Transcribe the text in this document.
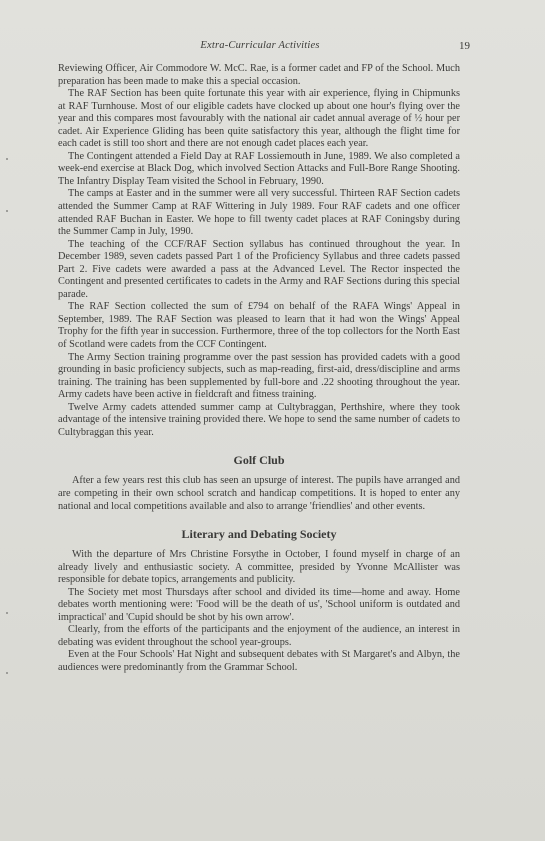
Extra-Curricular Activities	19

Reviewing Officer, Air Commodore W. McC. Rae, is a former cadet and FP of the School. Much preparation has been made to make this a special occasion.

The RAF Section has been quite fortunate this year with air experience, flying in Chipmunks at RAF Turnhouse. Most of our eligible cadets have clocked up about one hour's flying over the year and this compares most favourably with the national air cadet annual average of ½ hour per cadet. Air Experience Gliding has been quite satisfactory this year, although the flight time for each cadet is still too short and there are not enough cadet places each year.

The Contingent attended a Field Day at RAF Lossiemouth in June, 1989. We also completed a week-end exercise at Black Dog, which involved Section Attacks and Full-Bore Range Shooting. The Infantry Display Team visited the School in February, 1990.

The camps at Easter and in the summer were all very successful. Thirteen RAF Section cadets attended the Summer Camp at RAF Wittering in July 1989. Four RAF cadets and one officer attended RAF Buchan in Easter. We hope to fill twenty cadet places at RAF Coningsby during the Summer Camp in July, 1990.

The teaching of the CCF/RAF Section syllabus has continued throughout the year. In December 1989, seven cadets passed Part 1 of the Proficiency Syllabus and three cadets passed Part 2. Five cadets were awarded a pass at the Advanced Level. The Rector inspected the Contingent and presented certificates to cadets in the Army and RAF Sections during this special parade.

The RAF Section collected the sum of £794 on behalf of the RAFA Wings' Appeal in September, 1989. The RAF Section was pleased to learn that it had won the Wings' Appeal Trophy for the fifth year in succession. Furthermore, three of the top collectors for the North East of Scotland were cadets from the CCF Contingent.

The Army Section training programme over the past session has provided cadets with a good grounding in basic proficiency subjects, such as map-reading, first-aid, dress/discipline and arms training. The training has been supplemented by full-bore and .22 shooting throughout the year. Army cadets have been active in fieldcraft and fitness training.

Twelve Army cadets attended summer camp at Cultybraggan, Perthshire, where they took advantage of the intensive training provided there. We hope to send the same number of cadets to Cultybraggan this year.

Golf Club

After a few years rest this club has seen an upsurge of interest. The pupils have arranged and are competing in their own school scratch and handicap competitions. It is hoped to enter any national and local competitions available and also to arrange 'friendlies' and other events.

Literary and Debating Society

With the departure of Mrs Christine Forsythe in October, I found myself in charge of an already lively and enthusiastic society. A committee, presided by Yvonne McAllister was responsible for debate topics, arrangements and publicity.

The Society met most Thursdays after school and divided its time—home and away. Home debates worth mentioning were: 'Food will be the death of us', 'School uniform is outdated and impractical' and 'Cupid should be shot by his own arrow'.

Clearly, from the efforts of the participants and the enjoyment of the audience, an interest in debating was evident throughout the school year-groups.

Even at the Four Schools' Hat Night and subsequent debates with St Margaret's and Albyn, the audiences were predominantly from the Grammar School.
